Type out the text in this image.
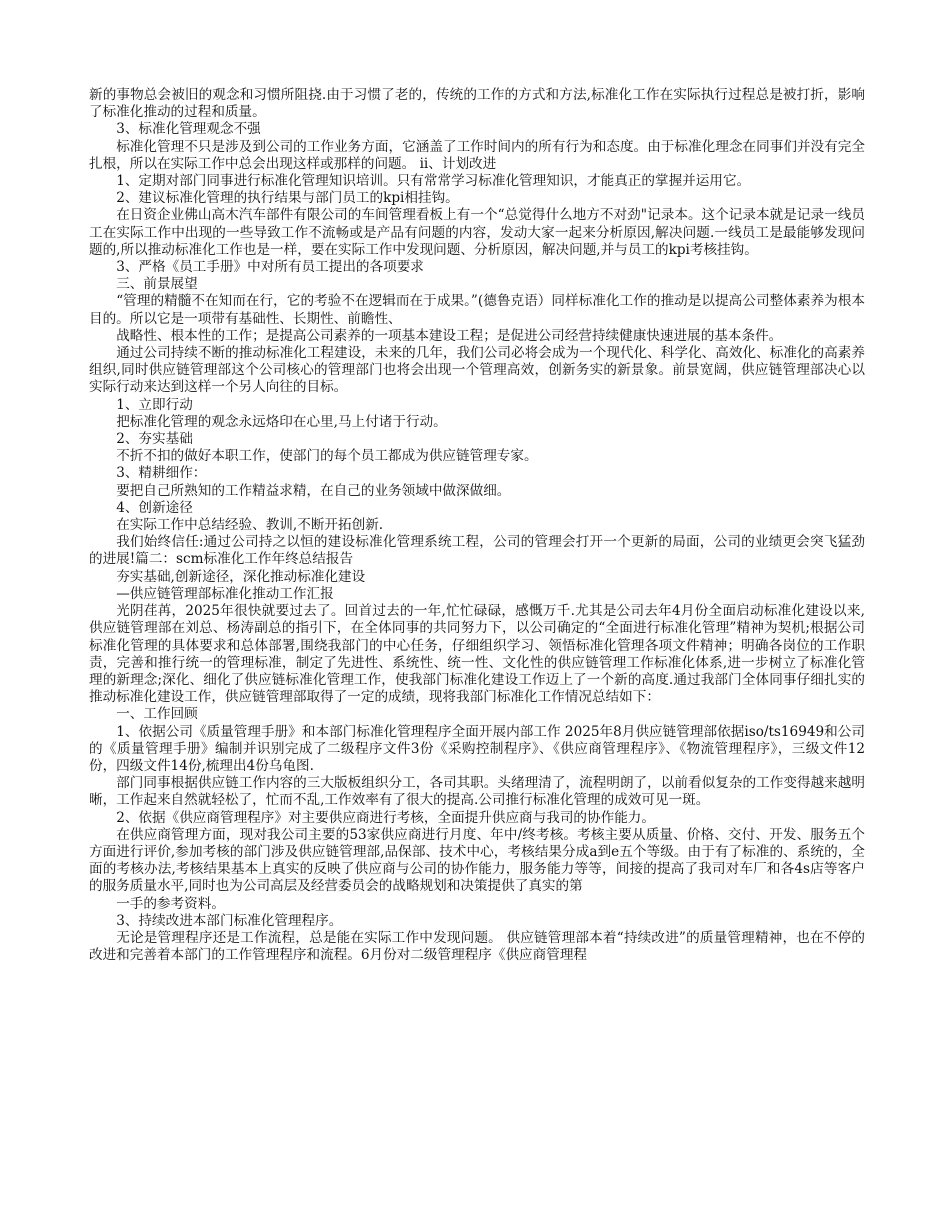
新的事物总会被旧的观念和习惯所阻挠.由于习惯了老的，传统的工作的方式和方法,标准化工作在实际执行过程总是被打折，影响了标准化推动的过程和质量。

3、标准化管理观念不强

标准化管理不只是涉及到公司的工作业务方面，它涵盖了工作时间内的所有行为和态度。由于标准化理念在同事们并没有完全扎根，所以在实际工作中总会出现这样或那样的问题。 ii、计划改进

1、定期对部门同事进行标准化管理知识培训。只有常常学习标准化管理知识，才能真正的掌握并运用它。

2、建议标准化管理的执行结果与部门员工的kpi相挂钩。

在日资企业佛山高木汽车部件有限公司的车间管理看板上有一个“总觉得什么地方不对劲"记录本。这个记录本就是记录一线员工在实际工作中出现的一些导致工作不流畅或是产品有问题的内容，发动大家一起来分析原因,解决问题.一线员工是最能够发现问题的,所以推动标准化工作也是一样，要在实际工作中发现问题、分析原因，解决问题,并与员工的kpi考核挂钩。

3、严格《员工手册》中对所有员工提出的各项要求

三、前景展望

“管理的精髓不在知而在行，它的考验不在逻辑而在于成果。”(德鲁克语）同样标准化工作的推动是以提高公司整体素养为根本目的。所以它是一项带有基础性、长期性、前瞻性、

战略性、根本性的工作；是提高公司素养的一项基本建设工程；是促进公司经营持续健康快速进展的基本条件。

通过公司持续不断的推动标准化工程建设，未来的几年，我们公司必将会成为一个现代化、科学化、高效化、标准化的高素养组织,同时供应链管理部这个公司核心的管理部门也将会出现一个管理高效，创新务实的新景象。前景宽阔，供应链管理部决心以实际行动来达到这样一个另人向往的目标。

1、立即行动

把标准化管理的观念永远烙印在心里,马上付诸于行动。

2、夯实基础

不折不扣的做好本职工作，使部门的每个员工都成为供应链管理专家。

3、精耕细作：

要把自己所熟知的工作精益求精，在自己的业务领域中做深做细。

4、创新途径

在实际工作中总结经验、教训,不断开拓创新.

我们始终信任:通过公司持之以恒的建设标准化管理系统工程，公司的管理会打开一个更新的局面，公司的业绩更会突飞猛劲的进展!篇二：scm标准化工作年终总结报告

夯实基础,创新途径，深化推动标准化建设

—供应链管理部标准化推动工作汇报

光阴荏苒，2025年很快就要过去了。回首过去的一年,忙忙碌碌，感慨万千.尤其是公司去年4月份全面启动标准化建设以来,供应链管理部在刘总、杨涛副总的指引下，在全体同事的共同努力下，以公司确定的“全面进行标准化管理”精神为契机;根据公司标准化管理的具体要求和总体部署,围绕我部门的中心任务，仔细组织学习、领悟标准化管理各项文件精神；明确各岗位的工作职责，完善和推行统一的管理标准，制定了先进性、系统性、统一性、文化性的供应链管理工作标准化体系,进一步树立了标准化管理的新理念;深化、细化了供应链标准化管理工作，使我部门标准化建设工作迈上了一个新的高度.通过我部门全体同事仔细扎实的推动标准化建设工作，供应链管理部取得了一定的成绩，现将我部门标准化工作情况总结如下：

一、工作回顾

1、依据公司《质量管理手册》和本部门标准化管理程序全面开展内部工作 2025年8月供应链管理部依据iso/ts16949和公司的《质量管理手册》编制并识别完成了二级程序文件3份《采购控制程序》、《供应商管理程序》、《物流管理程序》，三级文件12份，四级文件14份,梳理出4份乌龟图.

部门同事根据供应链工作内容的三大版板组织分工，各司其职。头绪理清了，流程明朗了，以前看似复杂的工作变得越来越明晰，工作起来自然就轻松了，忙而不乱,工作效率有了很大的提高.公司推行标准化管理的成效可见一斑。

2、依据《供应商管理程序》对主要供应商进行考核，全面提升供应商与我司的协作能力。

在供应商管理方面，现对我公司主要的53家供应商进行月度、年中/终考核。考核主要从质量、价格、交付、开发、服务五个方面进行评价,参加考核的部门涉及供应链管理部,品保部、技术中心，考核结果分成a到e五个等级。由于有了标准的、系统的，全面的考核办法,考核结果基本上真实的反映了供应商与公司的协作能力，服务能力等等，间接的提高了我司对车厂和各4s店等客户的服务质量水平,同时也为公司高层及经营委员会的战略规划和决策提供了真实的第

一手的参考资料。

3、持续改进本部门标准化管理程序。

无论是管理程序还是工作流程，总是能在实际工作中发现问题。 供应链管理部本着“持续改进”的质量管理精神，也在不停的改进和完善着本部门的工作管理程序和流程。6月份对二级管理程序《供应商管理程
